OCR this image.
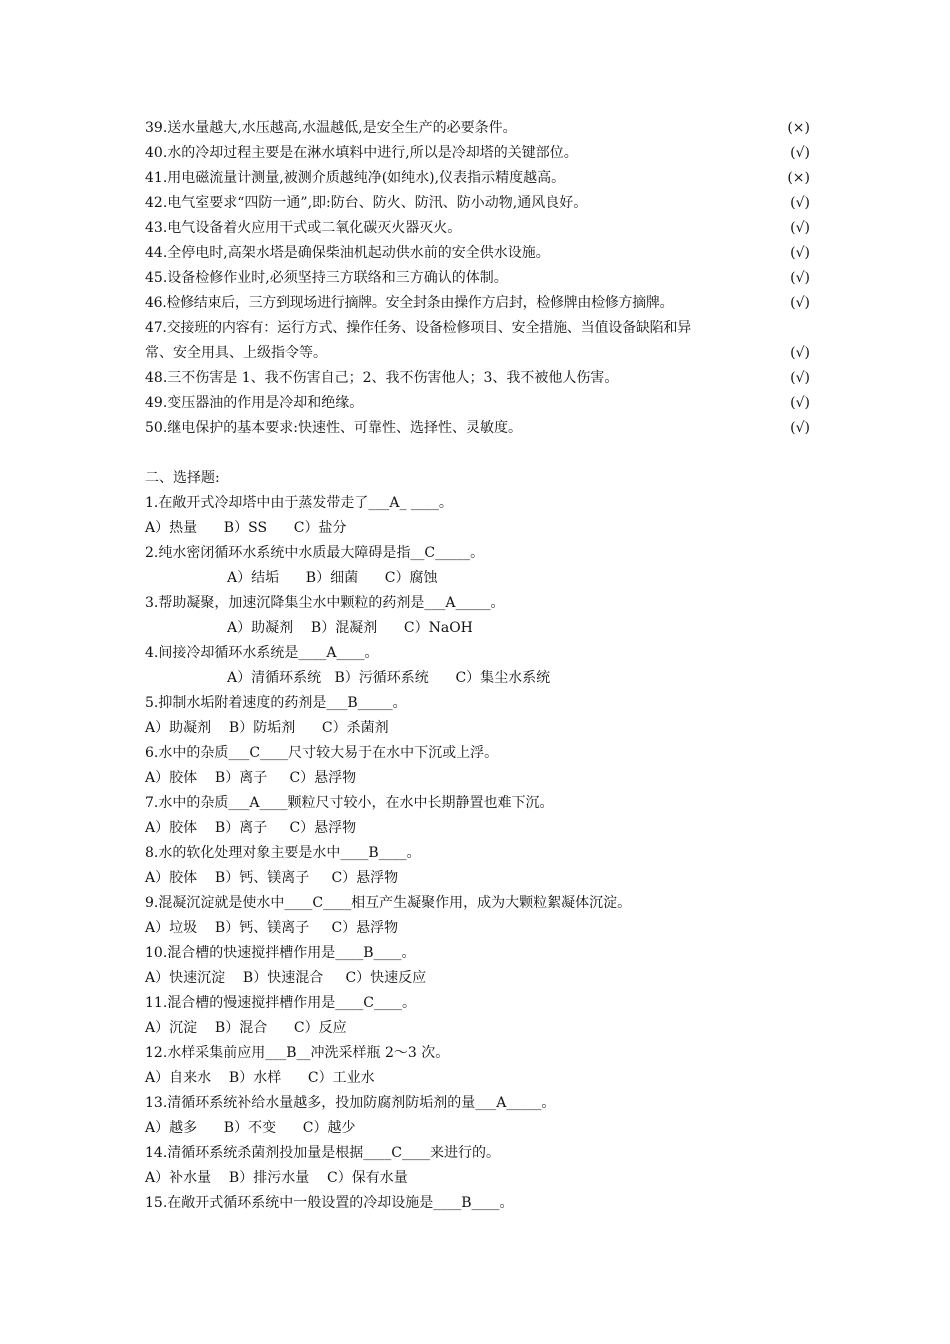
39.送水量越大,水压越高,水温越低,是安全生产的必要条件。	(×)
40.水的冷却过程主要是在淋水填料中进行,所以是冷却塔的关键部位。	(√)
41.用电磁流量计测量,被测介质越纯净(如纯水),仪表指示精度越高。	(×)
42.电气室要求“四防一通”,即:防台、防火、防汛、防小动物,通风良好。	(√)
43.电气设备着火应用干式或二氧化碳灭火器灭火。	(√)
44.全停电时,高架水塔是确保柴油机起动供水前的安全供水设施。	(√)
45.设备检修作业时,必须坚持三方联络和三方确认的体制。	(√)
46.检修结束后，三方到现场进行摘牌。安全封条由操作方启封，检修牌由检修方摘牌。	(√)
47.交接班的内容有：运行方式、操作任务、设备检修项目、安全措施、当值设备缺陷和异
常、安全用具、上级指令等。	(√)
48.三不伤害是 1、我不伤害自己；2、我不伤害他人；3、我不被他人伤害。	(√)
49.变压器油的作用是冷却和绝缘。	(√)
50.继电保护的基本要求:快速性、可靠性、选择性、灵敏度。	(√)
二、选择题:
1.在敞开式冷却塔中由于蒸发带走了___A_ ____。
A）热量      B）SS      C）盐分
2.纯水密闭循环水系统中水质最大障碍是指__C_____。
A）结垢      B）细菌      C）腐蚀
3.帮助凝聚，加速沉降集尘水中颗粒的药剂是___A_____。
A）助凝剂    B）混凝剂      C）NaOH
4.间接冷却循环水系统是____A____。
A）清循环系统   B）污循环系统      C）集尘水系统
5.抑制水垢附着速度的药剂是___B_____。
A）助凝剂    B）防垢剂      C）杀菌剂
6.水中的杂质___C____尺寸较大易于在水中下沉或上浮。
A）胶体    B）离子     C）悬浮物
7.水中的杂质___A____颗粒尺寸较小，在水中长期静置也难下沉。
A）胶体    B）离子     C）悬浮物
8.水的软化处理对象主要是水中____B____。
A）胶体    B）钙、镁离子     C）悬浮物
9.混凝沉淀就是使水中____C____相互产生凝聚作用，成为大颗粒絮凝体沉淀。
A）垃圾    B）钙、镁离子     C）悬浮物
10.混合槽的快速搅拌槽作用是____B____。
A）快速沉淀    B）快速混合     C）快速反应
11.混合槽的慢速搅拌槽作用是____C____。
A）沉淀    B）混合      C）反应
12.水样采集前应用___B__冲洗采样瓶 2～3 次。
A）自来水    B）水样      C）工业水
13.清循环系统补给水量越多，投加防腐剂防垢剂的量___A_____。
A）越多      B）不变      C）越少
14.清循环系统杀菌剂投加量是根据____C____来进行的。
A）补水量    B）排污水量    C）保有水量
15.在敞开式循环系统中一般设置的冷却设施是____B____。
